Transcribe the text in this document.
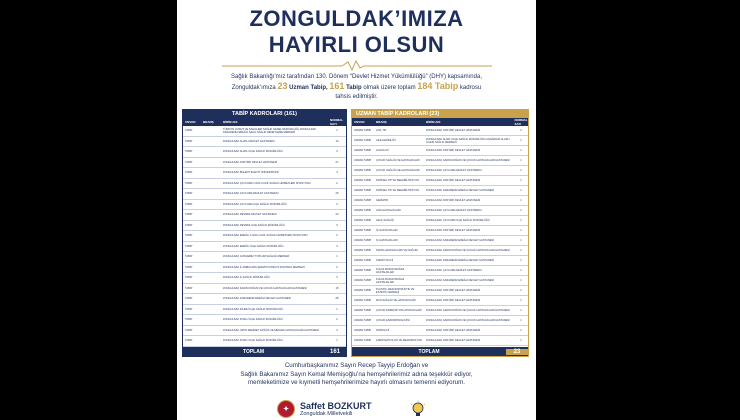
ZONGULDAK’IMIZA
HAYIRLI OLSUN
Sağlık Bakanlığı’mız tarafından 130. Dönem “Devlet Hizmet Yükümlülüğü” (DHY) kapsamında,
Zonguldak’ımıza 23 Uzman Tabip, 161 Tabip olmak üzere toplam 184 Tabip kadrosu
tahsis edilmiştir.
TABİP KADROLARI (161)
UNVAN	BRANŞ	BİRİM ADI	NORMAL SAYI
TABİP	TÜRKİYE HUDUT VE SAHİLLERİ SAĞLIK GENEL MÜDÜRLÜĞÜ ZONGULDAK KARADENİZ EREĞLİ SAHİL SAĞLIK DENETLEME MERKEZİ	1
TABİP	ZONGULDAK ALAPLI DEVLET HASTANESİ	10
TABİP	ZONGULDAK ALAPLI İLÇE SAĞLIK MÜDÜRLÜĞÜ	3
TABİP	ZONGULDAK ATATÜRK DEVLET HASTANESİ	27
TABİP	ZONGULDAK BÜLENT ECEVİT ÜNİVERSİTESİ	4
TABİP	ZONGULDAK ÇAYCUMA 1 NOLU ACİL SAĞLIK HİZMETLERİ İSTASYONU	2
TABİP	ZONGULDAK ÇAYCUMA DEVLET HASTANESİ	25
TABİP	ZONGULDAK ÇAYCUMA İLÇE SAĞLIK MÜDÜRLÜĞÜ	2
TABİP	ZONGULDAK DEVREK DEVLET HASTANESİ	23
TABİP	ZONGULDAK DEVREK İLÇE SAĞLIK MÜDÜRLÜĞÜ	3
TABİP	ZONGULDAK EREĞLİ 1 NOLU ACİL SAĞLIK HİZMETLERİ İSTASYONU	2
TABİP	ZONGULDAK EREĞLİ İLÇE SAĞLIK MÜDÜRLÜĞÜ	3
TABİP	ZONGULDAK GÖKÇEBEY TOPLUM SAĞLIĞI MERKEZİ	1
TABİP	ZONGULDAK İL AMBULANS SERVİSİ KOMUTA KONTROL MERKEZİ	2
TABİP	ZONGULDAK İL SAĞLIK MÜDÜRLÜĞÜ	3
TABİP	ZONGULDAK KADIN DOĞUM VE ÇOCUK HASTALIKLARI HASTANESİ	15
TABİP	ZONGULDAK KARADENİZ EREĞLİ DEVLET HASTANESİ	28
TABİP	ZONGULDAK KİLİMLİ İLÇE SAĞLIK MÜDÜRLÜĞÜ	1
TABİP	ZONGULDAK KOZLU İLÇE SAĞLIK MÜDÜRLÜĞÜ	2
TABİP	ZONGULDAK UZUN MEHMET GÖĞÜS VE MESLEK HASTALIKLARI HASTANESİ	3
TABİP	ZONGULDAK KOZLU İLÇE SAĞLIK MÜDÜRLÜĞÜ	1
TOPLAM	161
UZMAN TABİP KADROLARI (23)
UNVAN	BRANŞ	BİRİM ADI	NORMAL SAYI
UZMAN TABİP	ACİL TIP	ZONGULDAK ATATÜRK DEVLET HASTANESİ	2
UZMAN TABİP	AİLE HEKİMLİĞİ	ZONGULDAK ALAPLI İLÇE SAĞLIK MÜDÜRLÜĞÜ AŞAĞIDAKİ ALAPLI İLÇESİ SAĞLIK MERKEZİ	1
UZMAN TABİP	ALGOLOJİ	ZONGULDAK ATATÜRK DEVLET HASTANESİ	1
UZMAN TABİP	ÇOCUK SAĞLIĞI VE HASTALIKLARI	ZONGULDAK KADIN DOĞUM VE ÇOCUK HASTALIKLARI HASTANESİ	1
UZMAN TABİP	ÇOCUK SAĞLIĞI VE HASTALIKLARI	ZONGULDAK ÇAYCUMA DEVLET HASTANESİ	1
UZMAN TABİP	FİZİKSEL TIP VE REHABİLİTASYON	ZONGULDAK ATATÜRK DEVLET HASTANESİ	1
UZMAN TABİP	FİZİKSEL TIP VE REHABİLİTASYON	ZONGULDAK KARADENİZ EREĞLİ DEVLET HASTANESİ	1
UZMAN TABİP	GERİATRİ	ZONGULDAK ATATÜRK DEVLET HASTANESİ	1
UZMAN TABİP	GÖZ HASTALIKLARI	ZONGULDAK ÇAYCUMA DEVLET HASTANESİ	1
UZMAN TABİP	HALK SAĞLIĞI	ZONGULDAK ÇAYCUMA İLÇE SAĞLIK MÜDÜRLÜĞÜ	1
UZMAN TABİP	İÇ HASTALIKLARI	ZONGULDAK ATATÜRK DEVLET HASTANESİ	1
UZMAN TABİP	İÇ HASTALIKLARI	ZONGULDAK KARADENİZ EREĞLİ DEVLET HASTANESİ	1
UZMAN TABİP	KADIN HASTALIKLARI VE DOĞUM	ZONGULDAK KADIN DOĞUM VE ÇOCUK HASTALIKLARI HASTANESİ	1
UZMAN TABİP	KARDİYOLOJİ	ZONGULDAK KARADENİZ EREĞLİ DEVLET HASTANESİ	1
UZMAN TABİP	KULAK BURUN BOĞAZ HASTALIKLARI	ZONGULDAK ÇAYCUMA DEVLET HASTANESİ	1
UZMAN TABİP	KULAK BURUN BOĞAZ HASTALIKLARI	ZONGULDAK KARADENİZ EREĞLİ DEVLET HASTANESİ	1
UZMAN TABİP	PLASTİK, REKONSTRÜKTİF VE ESTETİK CERRAHİ	ZONGULDAK ATATÜRK DEVLET HASTANESİ	1
UZMAN TABİP	RUH SAĞLIĞI VE HASTALIKLARI	ZONGULDAK ATATÜRK DEVLET HASTANESİ	1
UZMAN TABİP	ÇOCUK ENFEKSİYON HASTALIKLARI	ZONGULDAK KADIN DOĞUM VE ÇOCUK HASTALIKLARI HASTANESİ	1
UZMAN TABİP	ÇOCUK ENDOKRİNOLOJİSİ	ZONGULDAK KADIN DOĞUM VE ÇOCUK HASTALIKLARI HASTANESİ	1
UZMAN TABİP	NÖROLOJİ	ZONGULDAK ATATÜRK DEVLET HASTANESİ	1
UZMAN TABİP	ANESTEZİYOLOJİ VE REANİMASYON	ZONGULDAK ATATÜRK DEVLET HASTANESİ	1
TOPLAM	23
Cumhurbaşkanımız Sayın Recep Tayyip Erdoğan ve
Sağlık Bakanımız Sayın Kemal Memişoğlu’na hemşehrilerimiz adına teşekkür ediyor,
memleketimize ve kıymetli hemşehrilerimize hayırlı olmasını temenni ediyorum.
✦	Saffet BOZKURT
Zonguldak Milletvekili
